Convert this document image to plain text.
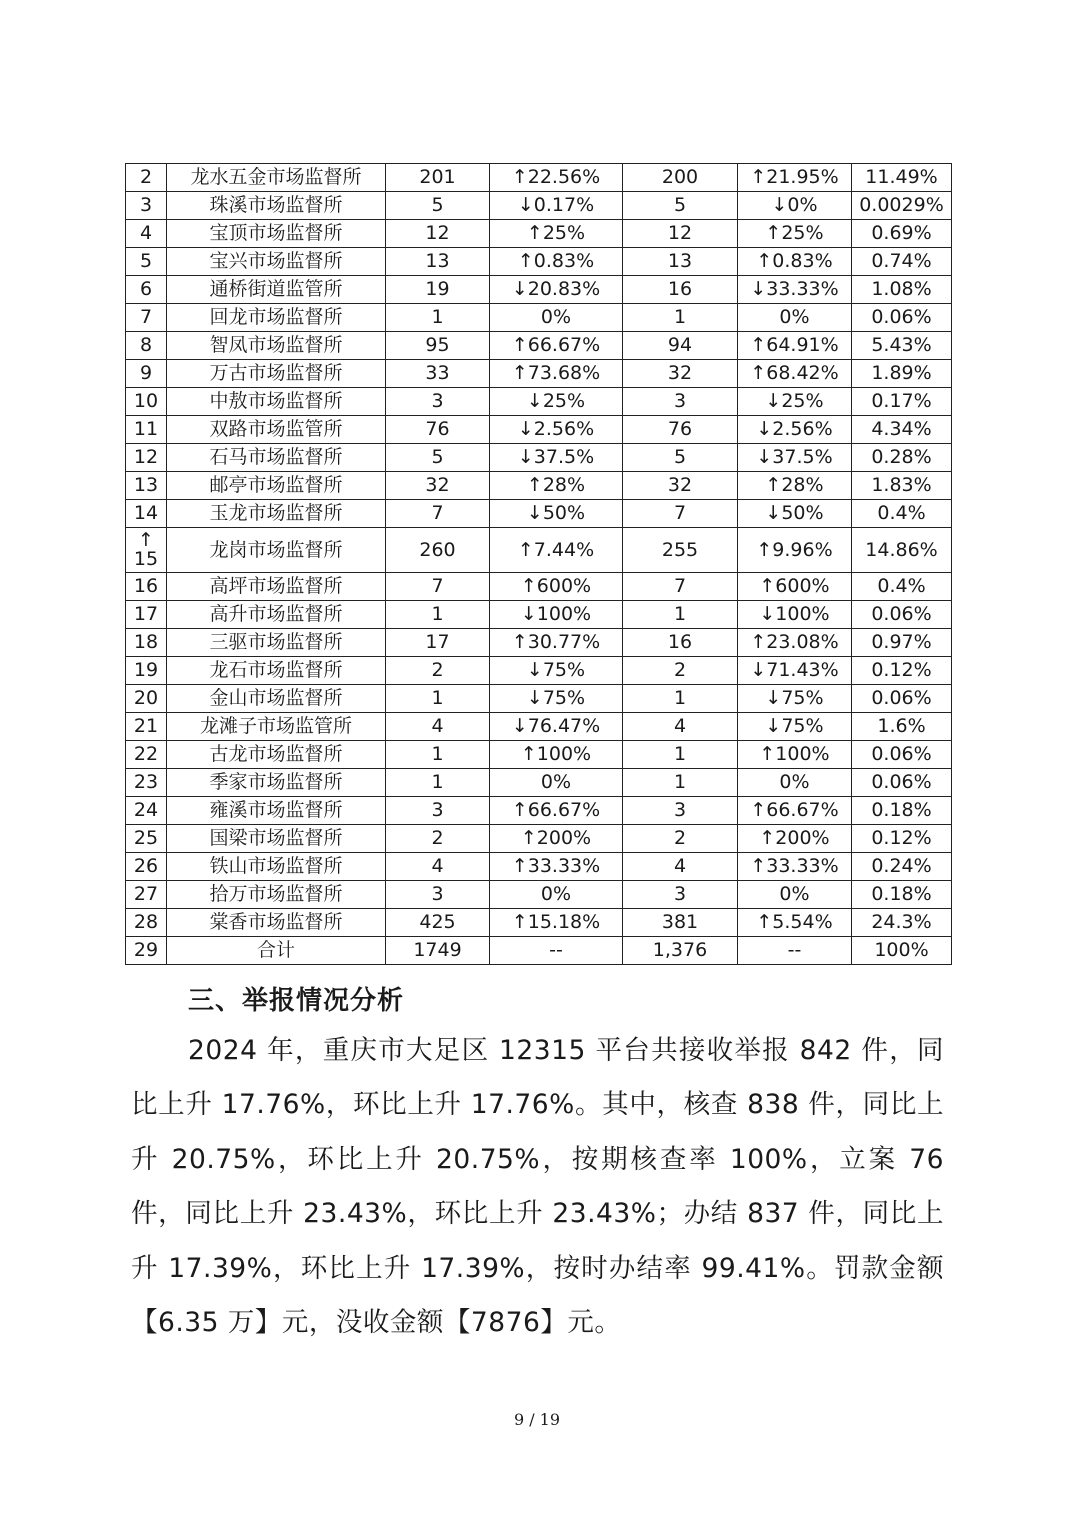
2	龙水五金市场监督所	201	↑22.56%	200	↑21.95%	11.49%
3	珠溪市场监督所	5	↓0.17%	5	↓0%	0.0029%
4	宝顶市场监督所	12	↑25%	12	↑25%	0.69%
5	宝兴市场监督所	13	↑0.83%	13	↑0.83%	0.74%
6	通桥街道监管所	19	↓20.83%	16	↓33.33%	1.08%
7	回龙市场监督所	1	0%	1	0%	0.06%
8	智凤市场监督所	95	↑66.67%	94	↑64.91%	5.43%
9	万古市场监督所	33	↑73.68%	32	↑68.42%	1.89%
10	中敖市场监督所	3	↓25%	3	↓25%	0.17%
11	双路市场监管所	76	↓2.56%	76	↓2.56%	4.34%
12	石马市场监督所	5	↓37.5%	5	↓37.5%	0.28%
13	邮亭市场监督所	32	↑28%	32	↑28%	1.83%
14	玉龙市场监督所	7	↓50%	7	↓50%	0.4%

↑
15	龙岗市场监督所	260	↑7.44%	255	↑9.96%	14.86%
16	高坪市场监督所	7	↑600%	7	↑600%	0.4%
17	高升市场监督所	1	↓100%	1	↓100%	0.06%
18	三驱市场监督所	17	↑30.77%	16	↑23.08%	0.97%
19	龙石市场监督所	2	↓75%	2	↓71.43%	0.12%
20	金山市场监督所	1	↓75%	1	↓75%	0.06%
21	龙滩子市场监管所	4	↓76.47%	4	↓75%	1.6%
22	古龙市场监督所	1	↑100%	1	↑100%	0.06%
23	季家市场监督所	1	0%	1	0%	0.06%
24	雍溪市场监督所	3	↑66.67%	3	↑66.67%	0.18%
25	国梁市场监督所	2	↑200%	2	↑200%	0.12%
26	铁山市场监督所	4	↑33.33%	4	↑33.33%	0.24%
27	拾万市场监督所	3	0%	3	0%	0.18%
28	棠香市场监督所	425	↑15.18%	381	↑5.54%	24.3%
29	合计	1749	--	1,376	--	100%
三、举报情况分析
2024 年，重庆市大足区 12315 平台共接收举报 842 件，同比上升 17.76%，环比上升 17.76%。其中，核查 838 件，同比上升 20.75%，环比上升 20.75%，按期核查率 100%，立案 76 件，同比上升 23.43%，环比上升 23.43%；办结 837 件，同比上升 17.39%，环比上升 17.39%，按时办结率 99.41%。罚款金额【6.35 万】元，没收金额【7876】元。
9 / 19
